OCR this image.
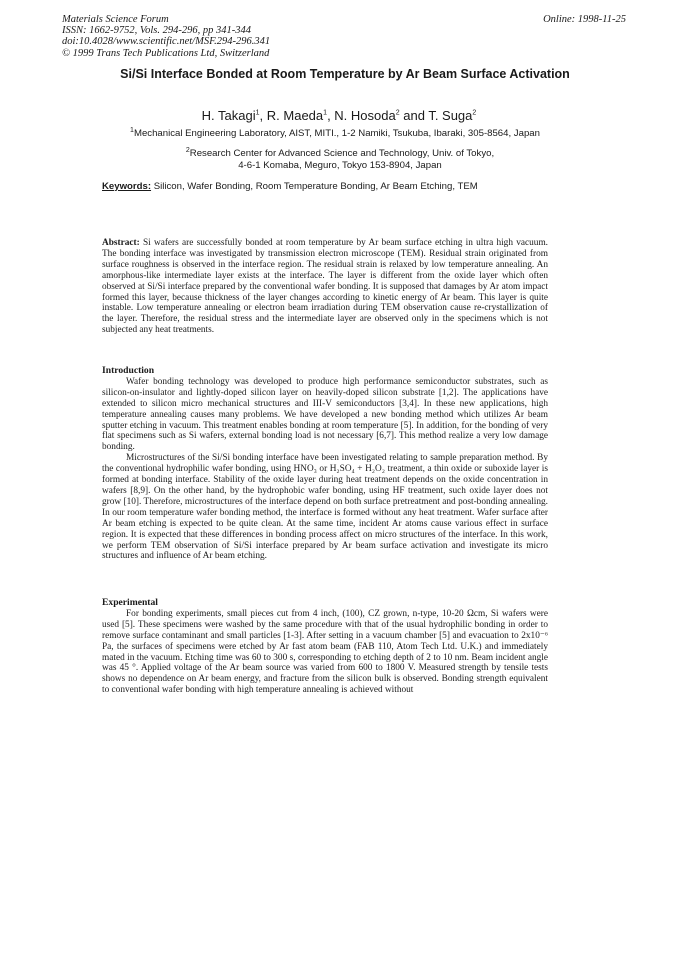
Materials Science Forum
ISSN: 1662-9752, Vols. 294-296, pp 341-344
doi:10.4028/www.scientific.net/MSF.294-296.341
© 1999 Trans Tech Publications Ltd, Switzerland
Online: 1998-11-25
Si/Si Interface Bonded at Room Temperature by Ar Beam Surface Activation
H. Takagi$^1$, R. Maeda$^1$, N. Hosoda$^2$ and T. Suga$^2$
$^1$Mechanical Engineering Laboratory, AIST, MITI., 1-2 Namiki, Tsukuba, Ibaraki, 305-8564, Japan
$^2$Research Center for Advanced Science and Technology, Univ. of Tokyo,
4-6-1 Komaba, Meguro, Tokyo 153-8904, Japan
Keywords: Silicon, Wafer Bonding, Room Temperature Bonding, Ar Beam Etching, TEM

Abstract: Si wafers are successfully bonded at room temperature by Ar beam surface etching in ultra high vacuum. The bonding interface was investigated by transmission electron microscope (TEM). Residual strain originated from surface roughness is observed in the interface region. The residual strain is relaxed by low temperature annealing. An amorphous-like intermediate layer exists at the interface. The layer is different from the oxide layer which often observed at Si/Si interface prepared by the conventional wafer bonding. It is supposed that damages by Ar atom impact formed this layer, because thickness of the layer changes according to kinetic energy of Ar beam. This layer is quite instable. Low temperature annealing or electron beam irradiation during TEM observation cause re-crystallization of the layer. Therefore, the residual stress and the intermediate layer are observed only in the specimens which is not subjected any heat treatments.

Introduction

Wafer bonding technology was developed to produce high performance semiconductor substrates, such as silicon-on-insulator and lightly-doped silicon layer on heavily-doped silicon substrate [1,2]. The applications have extended to silicon micro mechanical structures and III-V semiconductors [3,4]. In these new applications, high temperature annealing causes many problems. We have developed a new bonding method which utilizes Ar beam sputter etching in vacuum. This treatment enables bonding at room temperature [5]. In addition, for the bonding of very flat specimens such as Si wafers, external bonding load is not necessary [6,7]. This method realize a very low damage bonding.

Microstructures of the Si/Si bonding interface have been investigated relating to sample preparation method. By the conventional hydrophilic wafer bonding, using HNO₃ or H₂SO₄ + H₂O₂ treatment, a thin oxide or suboxide layer is formed at bonding interface. Stability of the oxide layer during heat treatment depends on the oxide concentration in wafers [8,9]. On the other hand, by the hydrophobic wafer bonding, using HF treatment, such oxide layer does not grow [10]. Therefore, microstructures of the interface depend on both surface pretreatment and post-bonding annealing. In our room temperature wafer bonding method, the interface is formed without any heat treatment. Wafer surface after Ar beam etching is expected to be quite clean. At the same time, incident Ar atoms cause various effect in surface region. It is expected that these differences in bonding process affect on micro structures of the interface. In this work, we perform TEM observation of Si/Si interface prepared by Ar beam surface activation and investigate its micro structures and influence of Ar beam etching.

Experimental

For bonding experiments, small pieces cut from 4 inch, (100), CZ grown, n-type, 10-20 Ωcm, Si wafers were used [5]. These specimens were washed by the same procedure with that of the usual hydrophilic bonding in order to remove surface contaminant and small particles [1-3]. After setting in a vacuum chamber [5] and evacuation to 2x10⁻⁶ Pa, the surfaces of specimens were etched by Ar fast atom beam (FAB 110, Atom Tech Ltd. U.K.) and immediately mated in the vacuum. Etching time was 60 to 300 s, corresponding to etching depth of 2 to 10 nm. Beam incident angle was 45 °. Applied voltage of the Ar beam source was varied from 600 to 1800 V. Measured strength by tensile tests shows no dependence on Ar beam energy, and fracture from the silicon bulk is observed. Bonding strength equivalent to conventional wafer bonding with high temperature annealing is achieved without
